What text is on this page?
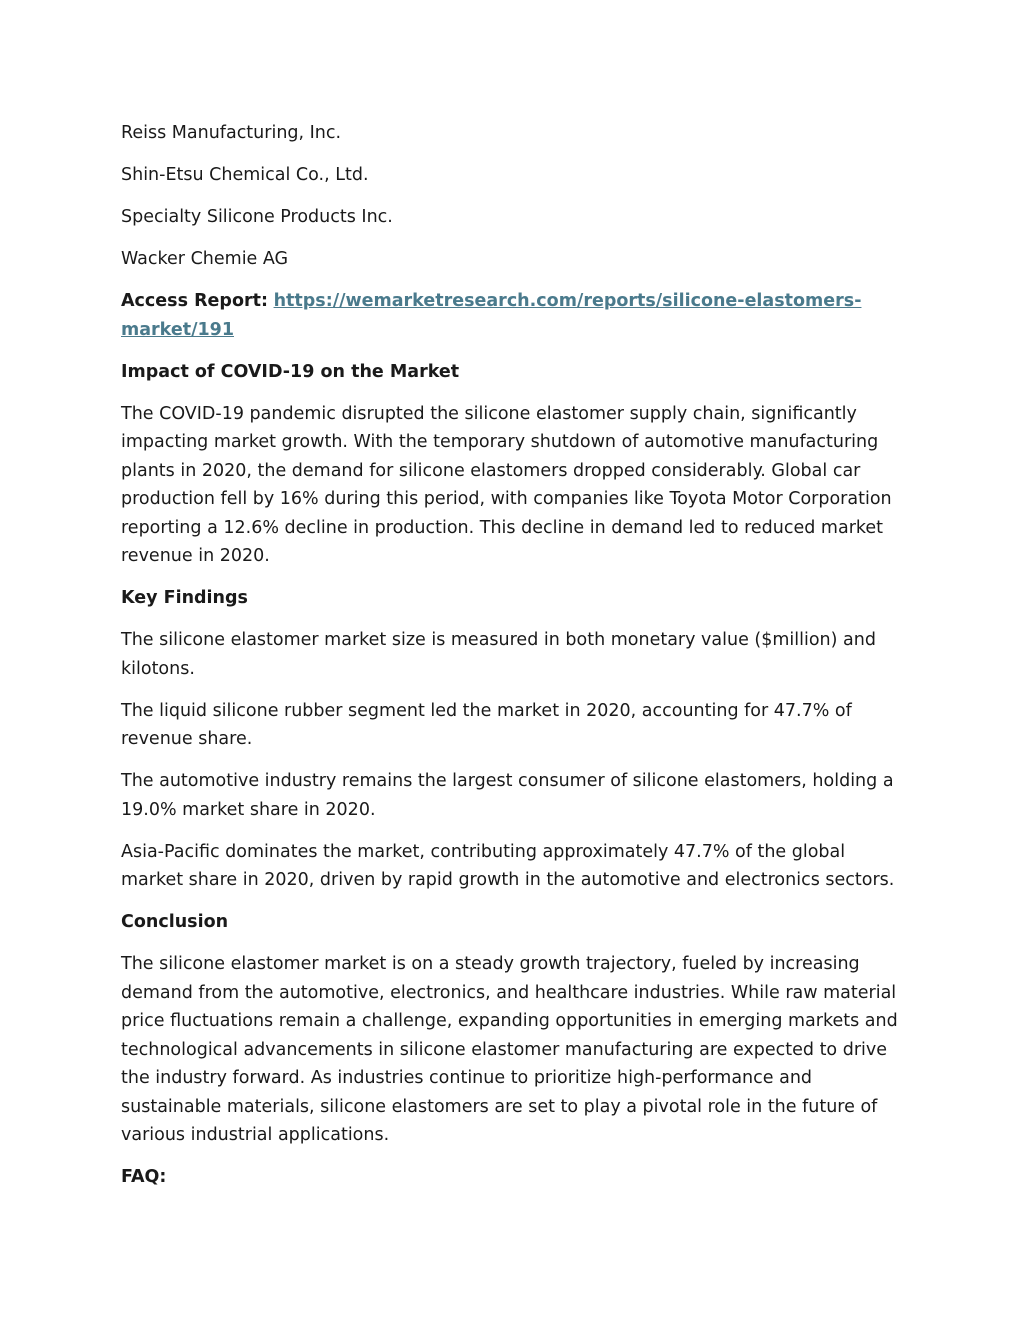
Reiss Manufacturing, Inc.

Shin-Etsu Chemical Co., Ltd.

Specialty Silicone Products Inc.

Wacker Chemie AG

Access Report: https://wemarketresearch.com/reports/silicone-elastomers-
market/191

Impact of COVID-19 on the Market

The COVID-19 pandemic disrupted the silicone elastomer supply chain, significantly impacting market growth. With the temporary shutdown of automotive manufacturing plants in 2020, the demand for silicone elastomers dropped considerably. Global car production fell by 16% during this period, with companies like Toyota Motor Corporation reporting a 12.6% decline in production. This decline in demand led to reduced market revenue in 2020.

Key Findings

The silicone elastomer market size is measured in both monetary value ($million) and kilotons.

The liquid silicone rubber segment led the market in 2020, accounting for 47.7% of revenue share.

The automotive industry remains the largest consumer of silicone elastomers, holding a 19.0% market share in 2020.

Asia-Pacific dominates the market, contributing approximately 47.7% of the global market share in 2020, driven by rapid growth in the automotive and electronics sectors.

Conclusion

The silicone elastomer market is on a steady growth trajectory, fueled by increasing demand from the automotive, electronics, and healthcare industries. While raw material price fluctuations remain a challenge, expanding opportunities in emerging markets and technological advancements in silicone elastomer manufacturing are expected to drive the industry forward. As industries continue to prioritize high-performance and sustainable materials, silicone elastomers are set to play a pivotal role in the future of various industrial applications.

FAQ:
